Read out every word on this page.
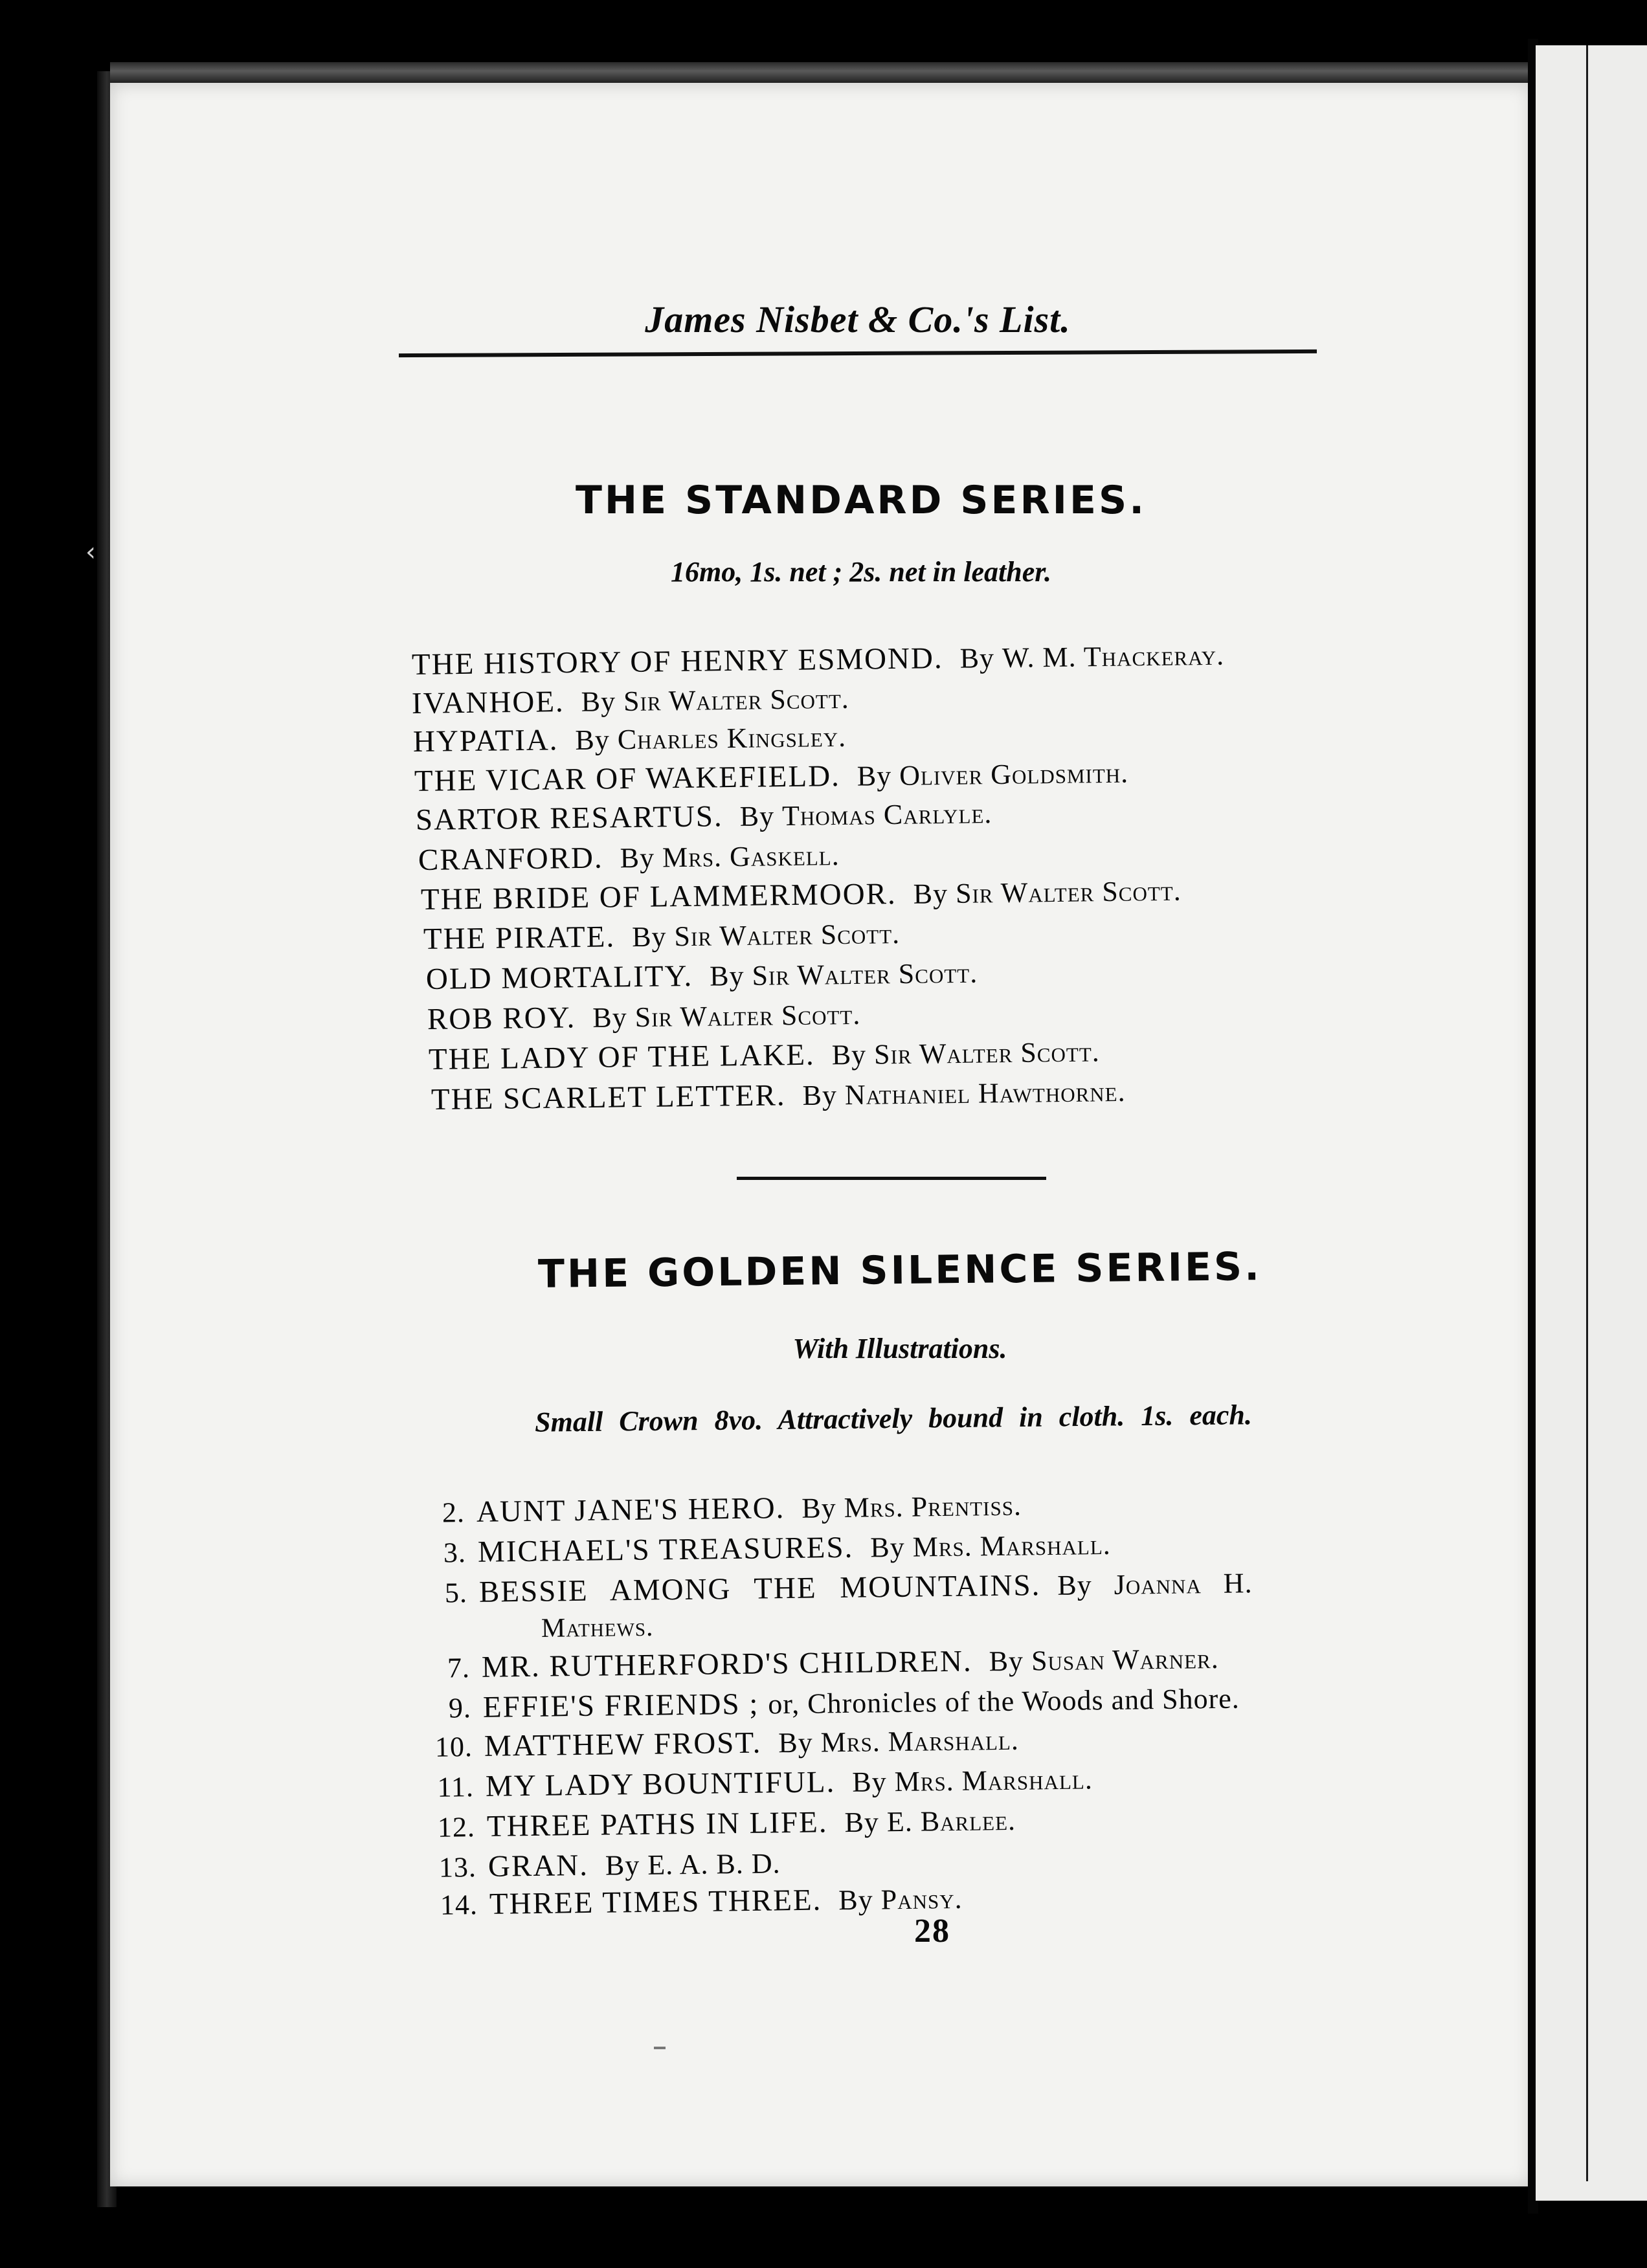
‹
James Nisbet & Co.'s List.
THE STANDARD SERIES.
16mo, 1s. net ; 2s. net in leather.
THE HISTORY OF HENRY ESMOND. By W. M. Thackeray.
IVANHOE. By Sir Walter Scott.
HYPATIA. By Charles Kingsley.
THE VICAR OF WAKEFIELD. By Oliver Goldsmith.
SARTOR RESARTUS. By Thomas Carlyle.
CRANFORD. By Mrs. Gaskell.
THE BRIDE OF LAMMERMOOR. By Sir Walter Scott.
THE PIRATE. By Sir Walter Scott.
OLD MORTALITY. By Sir Walter Scott.
ROB ROY. By Sir Walter Scott.
THE LADY OF THE LAKE. By Sir Walter Scott.
THE SCARLET LETTER. By Nathaniel Hawthorne.
THE GOLDEN SILENCE SERIES.
With Illustrations.
Small Crown 8vo. Attractively bound in cloth. 1s. each.
2. AUNT JANE'S HERO. By Mrs. Prentiss.
3. MICHAEL'S TREASURES. By Mrs. Marshall.
5. BESSIE AMONG THE MOUNTAINS. By Joanna H.
Mathews.
7. MR. RUTHERFORD'S CHILDREN. By Susan Warner.
9. EFFIE'S FRIENDS ; or, Chronicles of the Woods and Shore.
10. MATTHEW FROST. By Mrs. Marshall.
11. MY LADY BOUNTIFUL. By Mrs. Marshall.
12. THREE PATHS IN LIFE. By E. Barlee.
13. GRAN. By E. A. B. D.
14. THREE TIMES THREE. By Pansy.
28
